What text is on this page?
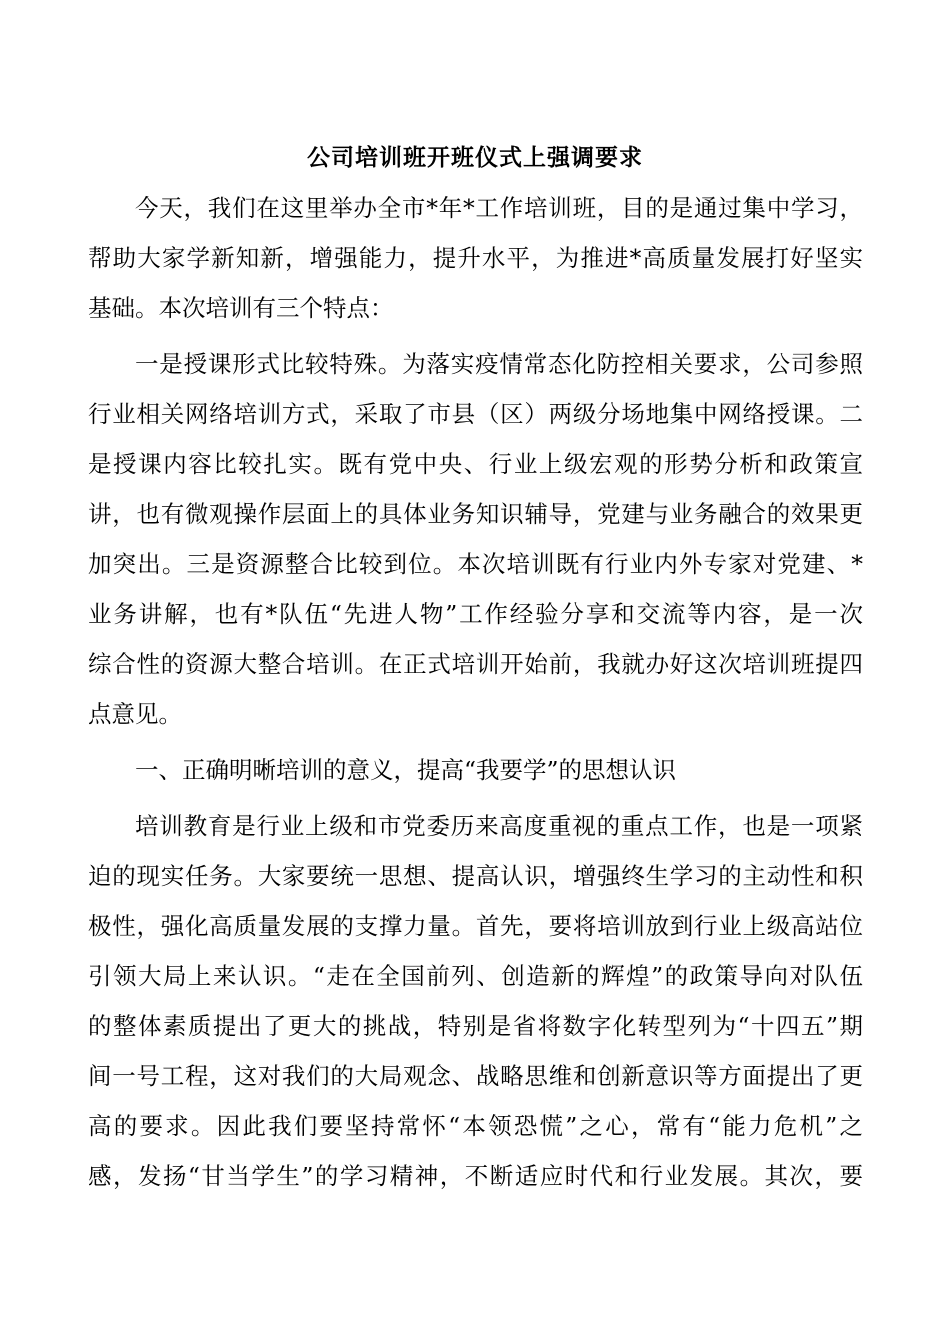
公司培训班开班仪式上强调要求
今天，我们在这里举办全市*年*工作培训班，目的是通过集中学习，
帮助大家学新知新，增强能力，提升水平，为推进*高质量发展打好坚实
基础。本次培训有三个特点：
一是授课形式比较特殊。为落实疫情常态化防控相关要求，公司参照
行业相关网络培训方式，采取了市县（区）两级分场地集中网络授课。二
是授课内容比较扎实。既有党中央、行业上级宏观的形势分析和政策宣
讲，也有微观操作层面上的具体业务知识辅导，党建与业务融合的效果更
加突出。三是资源整合比较到位。本次培训既有行业内外专家对党建、*
业务讲解，也有*队伍“先进人物”工作经验分享和交流等内容，是一次
综合性的资源大整合培训。在正式培训开始前，我就办好这次培训班提四
点意见。
一、正确明晰培训的意义，提高“我要学”的思想认识
培训教育是行业上级和市党委历来高度重视的重点工作，也是一项紧
迫的现实任务。大家要统一思想、提高认识，增强终生学习的主动性和积
极性，强化高质量发展的支撑力量。首先，要将培训放到行业上级高站位
引领大局上来认识。“走在全国前列、创造新的辉煌”的政策导向对队伍
的整体素质提出了更大的挑战，特别是省将数字化转型列为“十四五”期
间一号工程，这对我们的大局观念、战略思维和创新意识等方面提出了更
高的要求。因此我们要坚持常怀“本领恐慌”之心，常有“能力危机”之
感，发扬“甘当学生”的学习精神，不断适应时代和行业发展。其次，要
